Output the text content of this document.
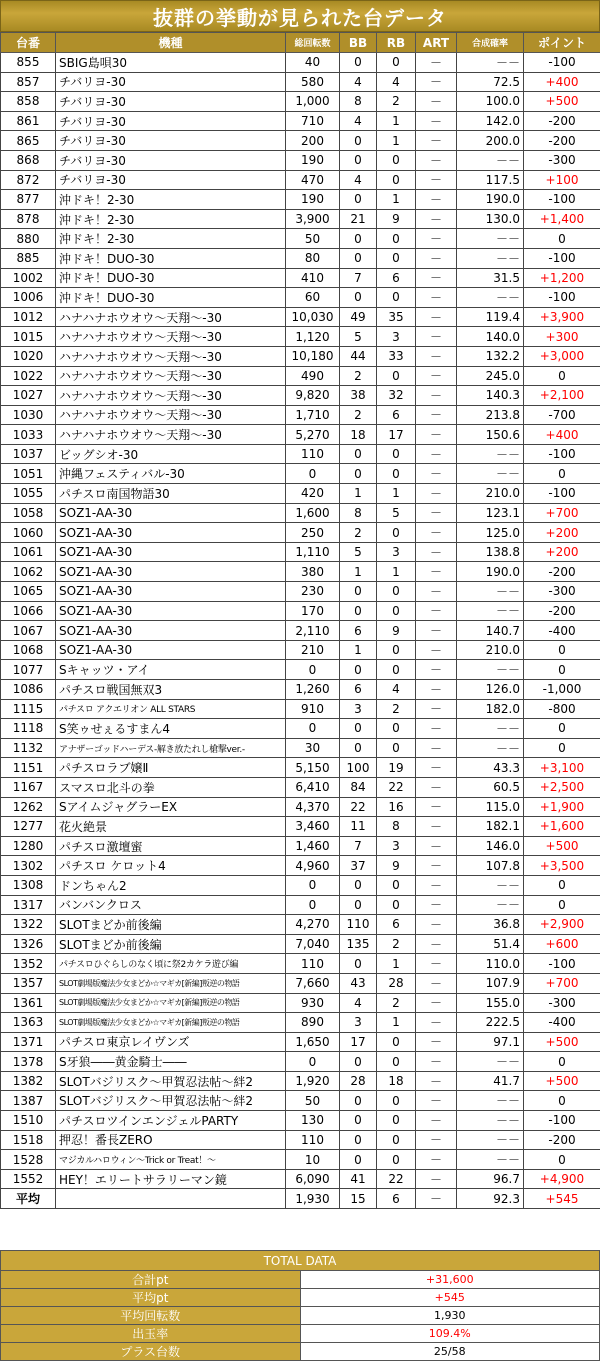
抜群の挙動が見られた台データ
台番	機種	総回転数	BB	RB	ART	合成確率	ポイント
855	SBIG島唄30	40	0	0	－	－－	-100
857	チバリヨ-30	580	4	4	－	72.5	+400
858	チバリヨ-30	1,000	8	2	－	100.0	+500
861	チバリヨ-30	710	4	1	－	142.0	-200
865	チバリヨ-30	200	0	1	－	200.0	-200
868	チバリヨ-30	190	0	0	－	－－	-300
872	チバリヨ-30	470	4	0	－	117.5	+100
877	沖ドキ！2-30	190	0	1	－	190.0	-100
878	沖ドキ！2-30	3,900	21	9	－	130.0	+1,400
880	沖ドキ！2-30	50	0	0	－	－－	0
885	沖ドキ！DUO-30	80	0	0	－	－－	-100
1002	沖ドキ！DUO-30	410	7	6	－	31.5	+1,200
1006	沖ドキ！DUO-30	60	0	0	－	－－	-100
1012	ハナハナホウオウ～天翔～-30	10,030	49	35	－	119.4	+3,900
1015	ハナハナホウオウ～天翔～-30	1,120	5	3	－	140.0	+300
1020	ハナハナホウオウ～天翔～-30	10,180	44	33	－	132.2	+3,000
1022	ハナハナホウオウ～天翔～-30	490	2	0	－	245.0	0
1027	ハナハナホウオウ～天翔～-30	9,820	38	32	－	140.3	+2,100
1030	ハナハナホウオウ～天翔～-30	1,710	2	6	－	213.8	-700
1033	ハナハナホウオウ～天翔～-30	5,270	18	17	－	150.6	+400
1037	ビッグシオ-30	110	0	0	－	－－	-100
1051	沖縄フェスティバル-30	0	0	0	－	－－	0
1055	パチスロ南国物語30	420	1	1	－	210.0	-100
1058	SOZ1-AA-30	1,600	8	5	－	123.1	+700
1060	SOZ1-AA-30	250	2	0	－	125.0	+200
1061	SOZ1-AA-30	1,110	5	3	－	138.8	+200
1062	SOZ1-AA-30	380	1	1	－	190.0	-200
1065	SOZ1-AA-30	230	0	0	－	－－	-300
1066	SOZ1-AA-30	170	0	0	－	－－	-200
1067	SOZ1-AA-30	2,110	6	9	－	140.7	-400
1068	SOZ1-AA-30	210	1	0	－	210.0	0
1077	Sキャッツ・アイ	0	0	0	－	－－	0
1086	パチスロ戦国無双3	1,260	6	4	－	126.0	-1,000
1115	パチスロ アクエリオン ALL STARS	910	3	2	－	182.0	-800
1118	S笑ゥせぇるすまん4	0	0	0	－	－－	0
1132	アナザーゴッドハーデス-解き放たれし槍撃ver.-	30	0	0	－	－－	0
1151	パチスロラブ嬢Ⅱ	5,150	100	19	－	43.3	+3,100
1167	スマスロ北斗の拳	6,410	84	22	－	60.5	+2,500
1262	SアイムジャグラーEX	4,370	22	16	－	115.0	+1,900
1277	花火絶景	3,460	11	8	－	182.1	+1,600
1280	パチスロ激壇蜜	1,460	7	3	－	146.0	+500
1302	パチスロ ケロット4	4,960	37	9	－	107.8	+3,500
1308	ドンちゃん2	0	0	0	－	－－	0
1317	バンバンクロス	0	0	0	－	－－	0
1322	SLOTまどか前後編	4,270	110	6	－	36.8	+2,900
1326	SLOTまどか前後編	7,040	135	2	－	51.4	+600
1352	パチスロひぐらしのなく頃に祭2カケラ遊び編	110	0	1	－	110.0	-100
1357	SLOT劇場版魔法少女まどか☆マギカ[新編]叛逆の物語	7,660	43	28	－	107.9	+700
1361	SLOT劇場版魔法少女まどか☆マギカ[新編]叛逆の物語	930	4	2	－	155.0	-300
1363	SLOT劇場版魔法少女まどか☆マギカ[新編]叛逆の物語	890	3	1	－	222.5	-400
1371	パチスロ東京レイヴンズ	1,650	17	0	－	97.1	+500
1378	S牙狼――黄金騎士――	0	0	0	－	－－	0
1382	SLOTバジリスク～甲賀忍法帖～絆2	1,920	28	18	－	41.7	+500
1387	SLOTバジリスク～甲賀忍法帖～絆2	50	0	0	－	－－	0
1510	パチスロツインエンジェルPARTY	130	0	0	－	－－	-100
1518	押忍！番長ZERO	110	0	0	－	－－	-200
1528	マジカルハロウィン～Trick or Treat！～	10	0	0	－	－－	0
1552	HEY！エリートサラリーマン鏡	6,090	41	22	－	96.7	+4,900
平均		1,930	15	6	－	92.3	+545
TOTAL DATA	
合計pt	+31,600
平均pt	+545
平均回転数	1,930
出玉率	109.4%
プラス台数	25/58
